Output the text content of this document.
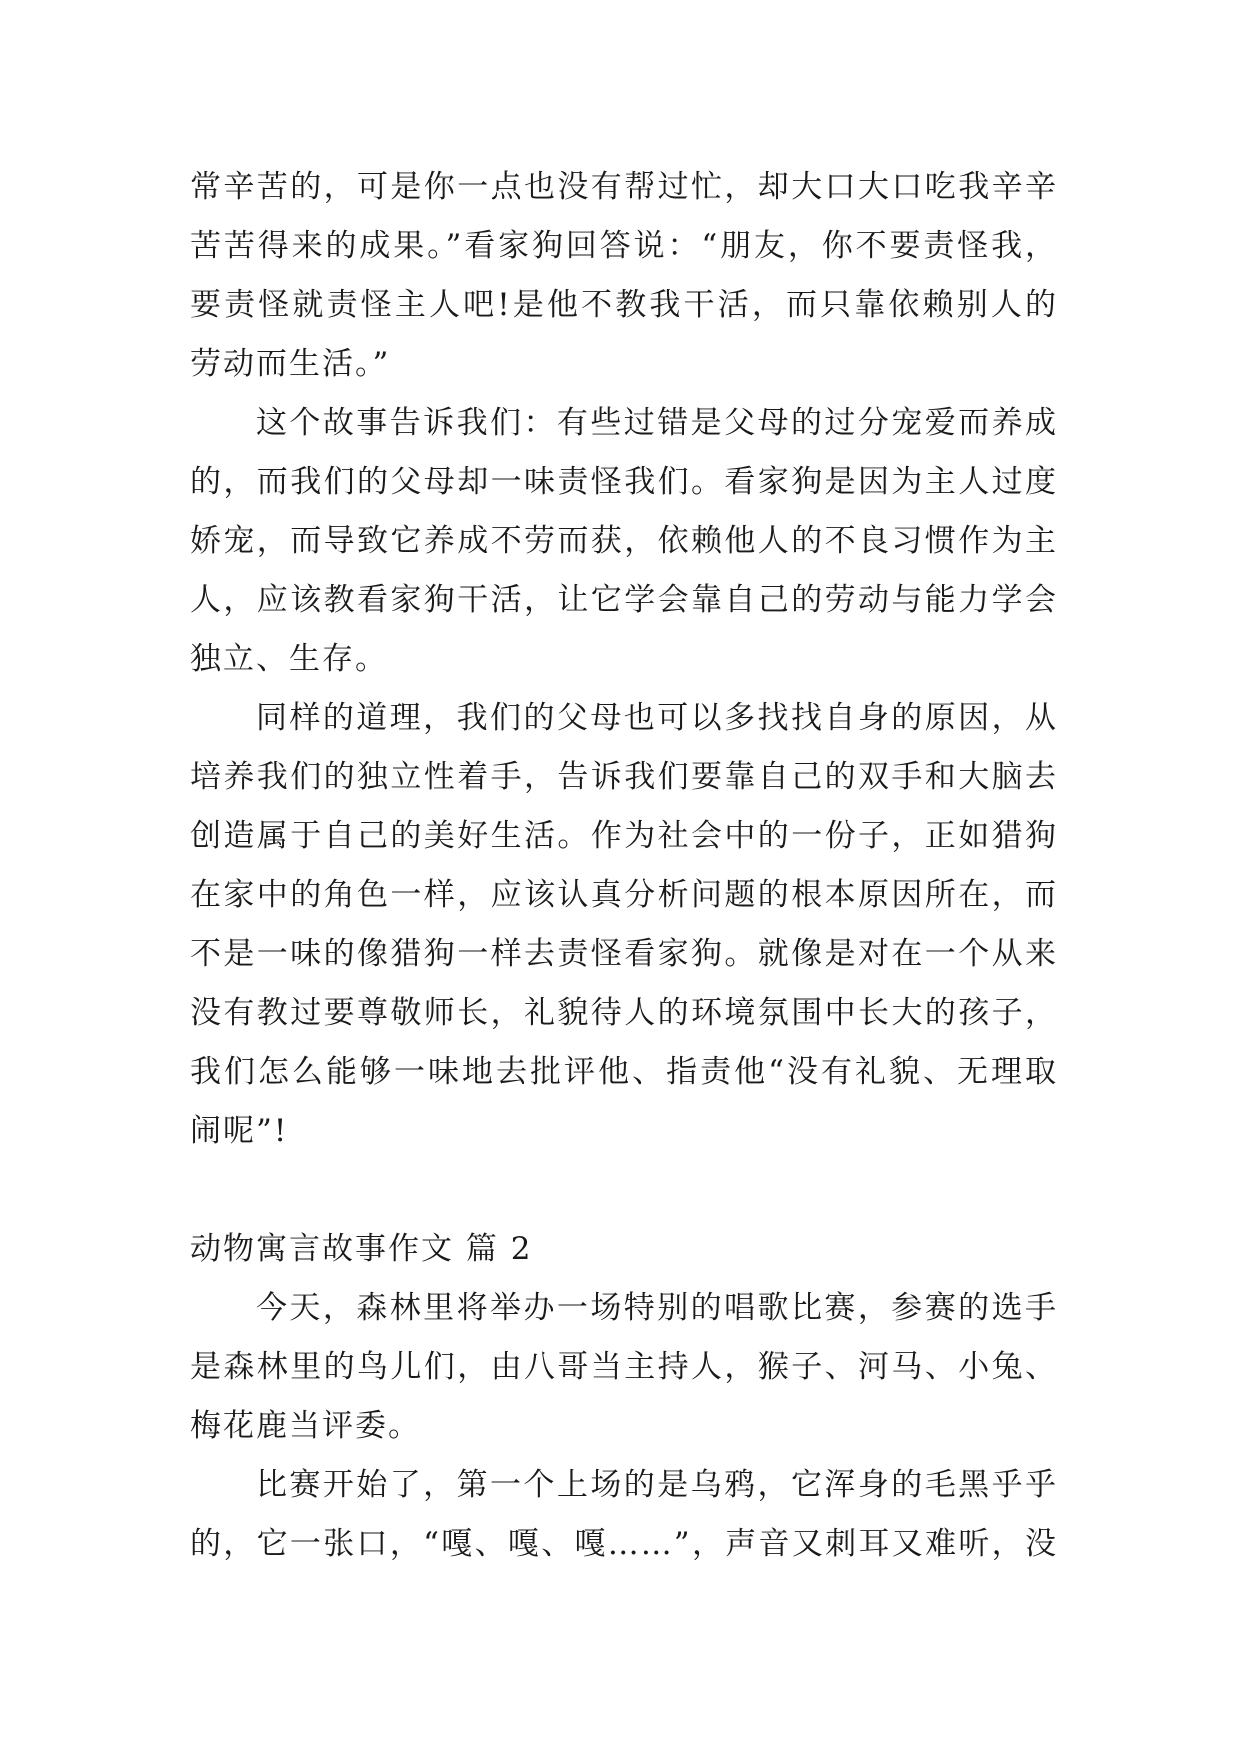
常辛苦的，可是你一点也没有帮过忙，却大口大口吃我辛辛
苦苦得来的成果。”看家狗回答说：“朋友，你不要责怪我，
要责怪就责怪主人吧!是他不教我干活，而只靠依赖别人的
劳动而生活。”
这个故事告诉我们：有些过错是父母的过分宠爱而养成
的，而我们的父母却一味责怪我们。看家狗是因为主人过度
娇宠，而导致它养成不劳而获，依赖他人的不良习惯作为主
人，应该教看家狗干活，让它学会靠自己的劳动与能力学会
独立、生存。
同样的道理，我们的父母也可以多找找自身的原因，从
培养我们的独立性着手，告诉我们要靠自己的双手和大脑去
创造属于自己的美好生活。作为社会中的一份子，正如猎狗
在家中的角色一样，应该认真分析问题的根本原因所在，而
不是一味的像猎狗一样去责怪看家狗。就像是对在一个从来
没有教过要尊敬师长，礼貌待人的环境氛围中长大的孩子，
我们怎么能够一味地去批评他、指责他“没有礼貌、无理取
闹呢”!
动物寓言故事作文 篇 2
今天，森林里将举办一场特别的唱歌比赛，参赛的选手
是森林里的鸟儿们，由八哥当主持人，猴子、河马、小兔、
梅花鹿当评委。
比赛开始了，第一个上场的是乌鸦，它浑身的毛黑乎乎
的，它一张口，“嘎、嘎、嘎……”，声音又刺耳又难听，没
